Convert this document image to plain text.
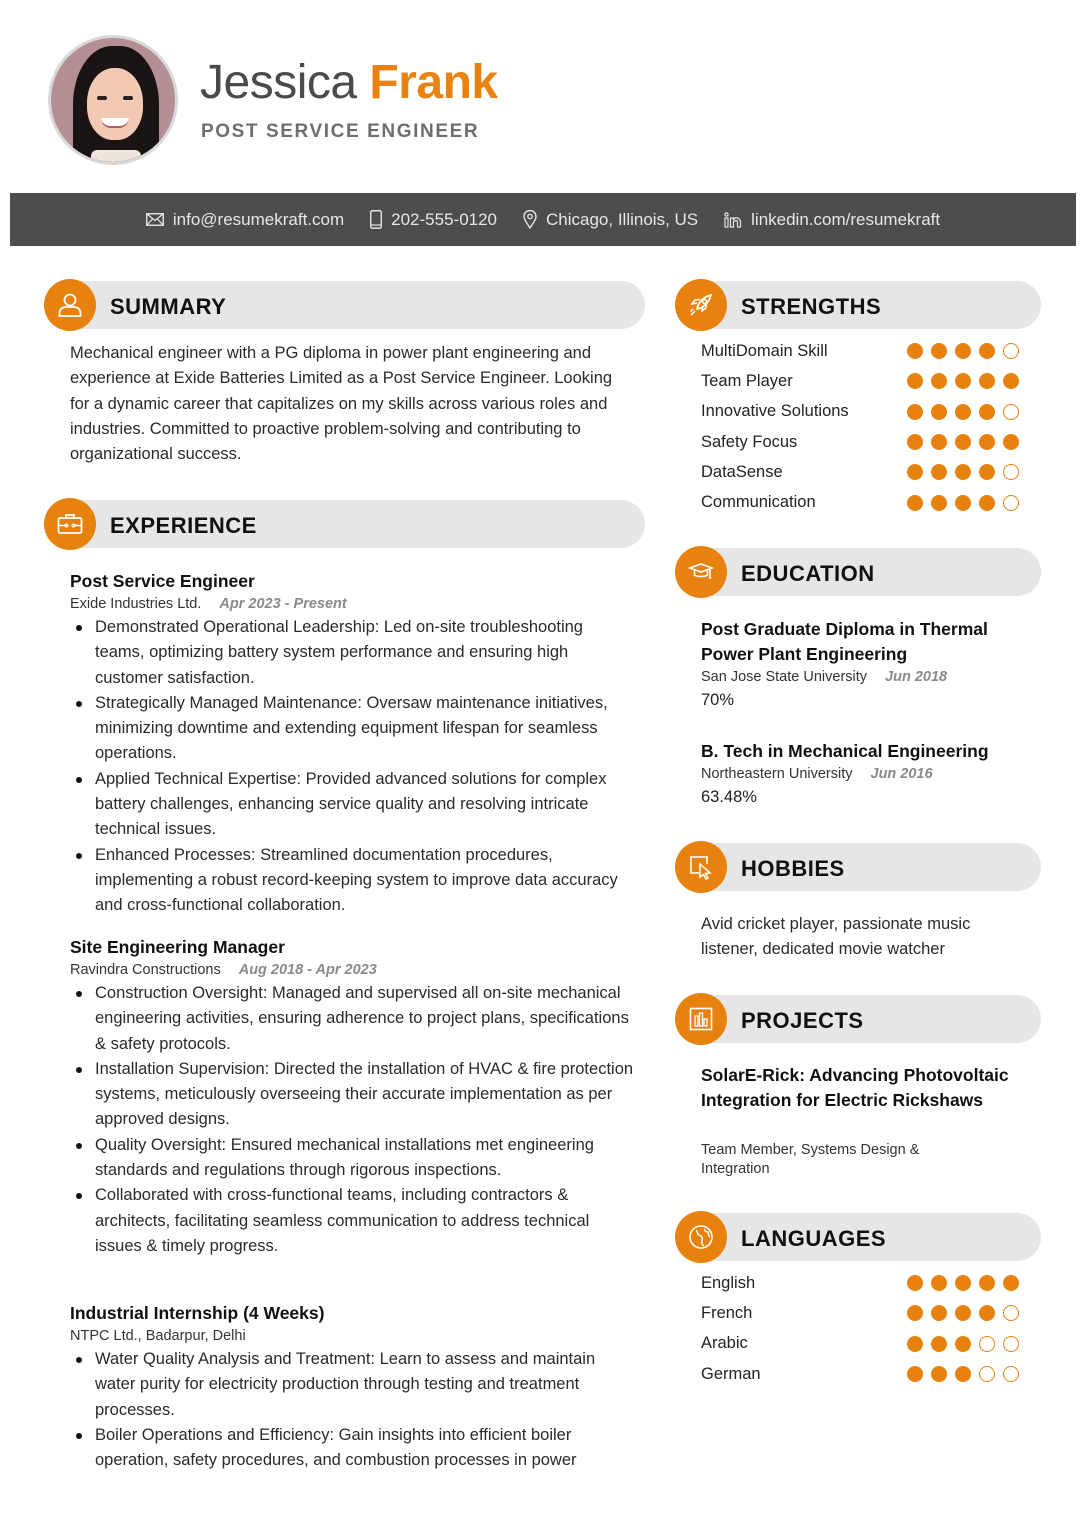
Jessica Frank
POST SERVICE ENGINEER
info@resumekraft.com	202-555-0120	Chicago, Illinois, US	linkedin.com/resumekraft
SUMMARY
Mechanical engineer with a PG diploma in power plant engineering and experience at Exide Batteries Limited as a Post Service Engineer. Looking for a dynamic career that capitalizes on my skills across various roles and industries. Committed to proactive problem-solving and contributing to organizational success.
EXPERIENCE
Post Service Engineer
Exide Industries Ltd. Apr 2023 - Present
Demonstrated Operational Leadership: Led on-site troubleshooting teams, optimizing battery system performance and ensuring high customer satisfaction.
Strategically Managed Maintenance: Oversaw maintenance initiatives, minimizing downtime and extending equipment lifespan for seamless operations.
Applied Technical Expertise: Provided advanced solutions for complex battery challenges, enhancing service quality and resolving intricate technical issues.
Enhanced Processes: Streamlined documentation procedures, implementing a robust record-keeping system to improve data accuracy and cross-functional collaboration.
Site Engineering Manager
Ravindra Constructions Aug 2018 - Apr 2023
Construction Oversight: Managed and supervised all on-site mechanical engineering activities, ensuring adherence to project plans, specifications & safety protocols.
Installation Supervision: Directed the installation of HVAC & fire protection systems, meticulously overseeing their accurate implementation as per approved designs.
Quality Oversight: Ensured mechanical installations met engineering standards and regulations through rigorous inspections.
Collaborated with cross-functional teams, including contractors & architects, facilitating seamless communication to address technical issues & timely progress.
Industrial Internship (4 Weeks)
NTPC Ltd., Badarpur, Delhi
Water Quality Analysis and Treatment: Learn to assess and maintain water purity for electricity production through testing and treatment processes.
Boiler Operations and Efficiency: Gain insights into efficient boiler operation, safety procedures, and combustion processes in power
STRENGTHS
MultiDomain Skill
Team Player
Innovative Solutions
Safety Focus
DataSense
Communication
EDUCATION
Post Graduate Diploma in Thermal Power Plant Engineering
San Jose State University Jun 2018
70%
B. Tech in Mechanical Engineering
Northeastern University Jun 2016
63.48%
HOBBIES
Avid cricket player, passionate music listener, dedicated movie watcher
PROJECTS
SolarE-Rick: Advancing Photovoltaic Integration for Electric Rickshaws
Team Member, Systems Design & Integration
LANGUAGES
English
French
Arabic
German
